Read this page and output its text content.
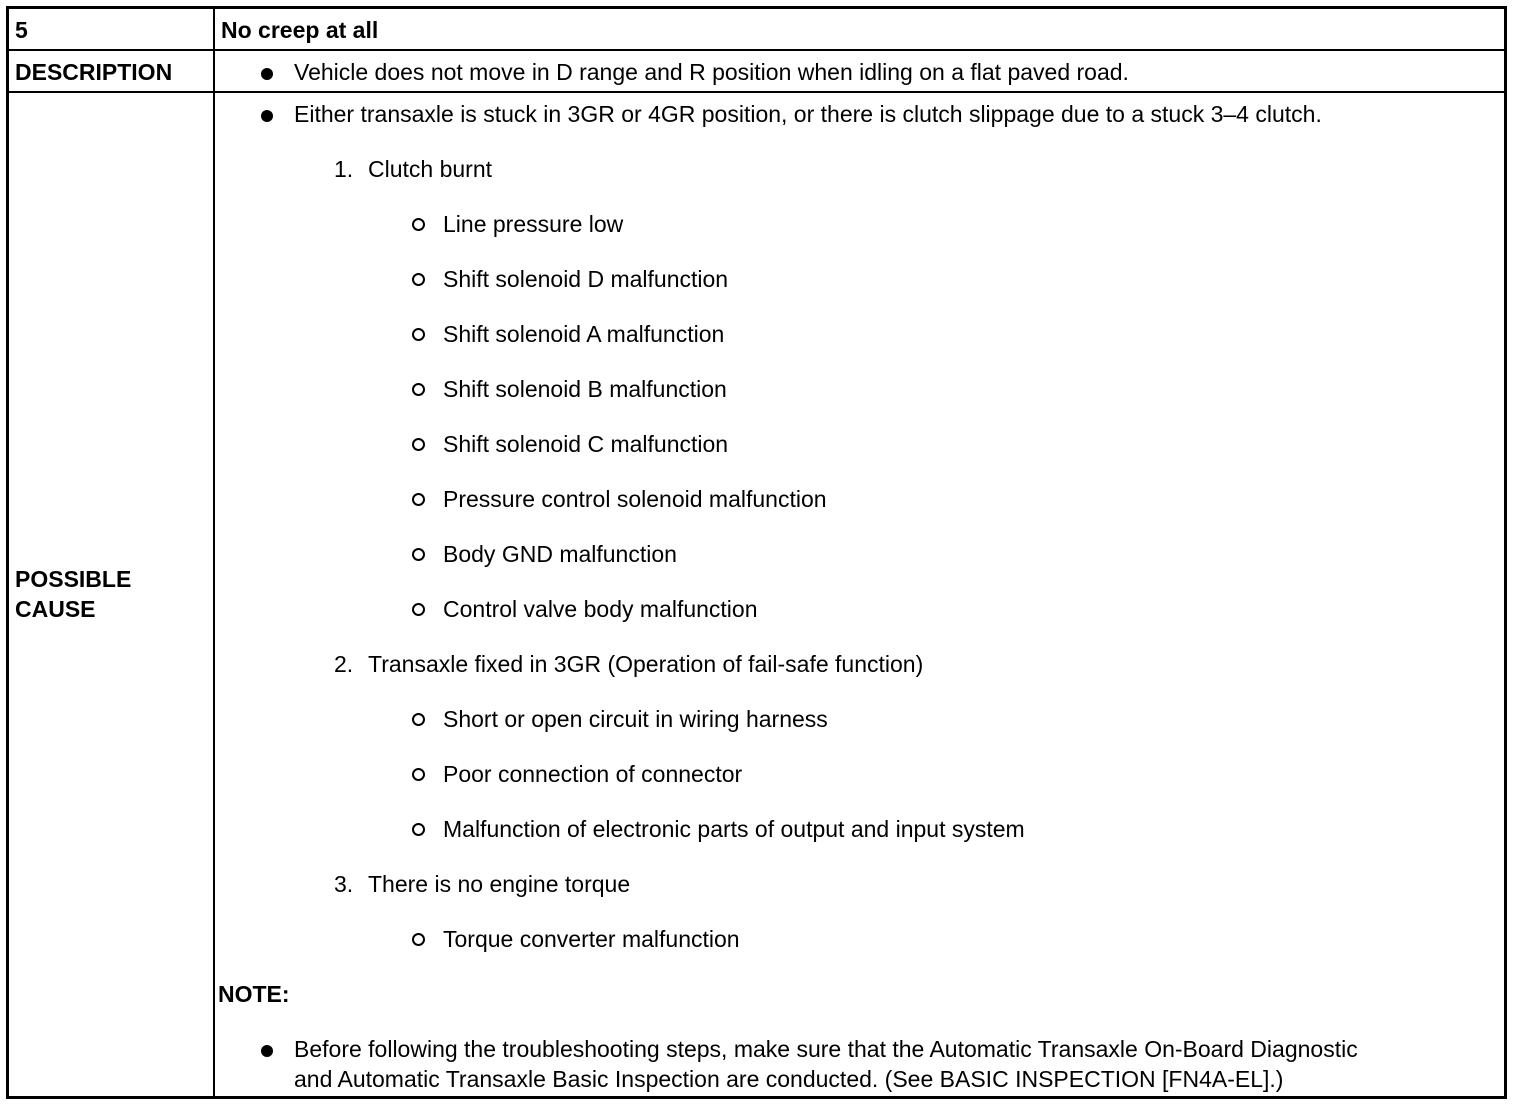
5	No creep at all
DESCRIPTION	Vehicle does not move in D range and R position when idling on a flat paved road.
POSSIBLE
CAUSE
Either transaxle is stuck in 3GR or 4GR position, or there is clutch slippage due to a stuck 3–4 clutch.
1. Clutch burnt
Line pressure low
Shift solenoid D malfunction
Shift solenoid A malfunction
Shift solenoid B malfunction
Shift solenoid C malfunction
Pressure control solenoid malfunction
Body GND malfunction
Control valve body malfunction
2. Transaxle fixed in 3GR (Operation of fail-safe function)
Short or open circuit in wiring harness
Poor connection of connector
Malfunction of electronic parts of output and input system
3. There is no engine torque
Torque converter malfunction
NOTE:
Before following the troubleshooting steps, make sure that the Automatic Transaxle On-Board Diagnostic
and Automatic Transaxle Basic Inspection are conducted. (See BASIC INSPECTION [FN4A-EL].)
